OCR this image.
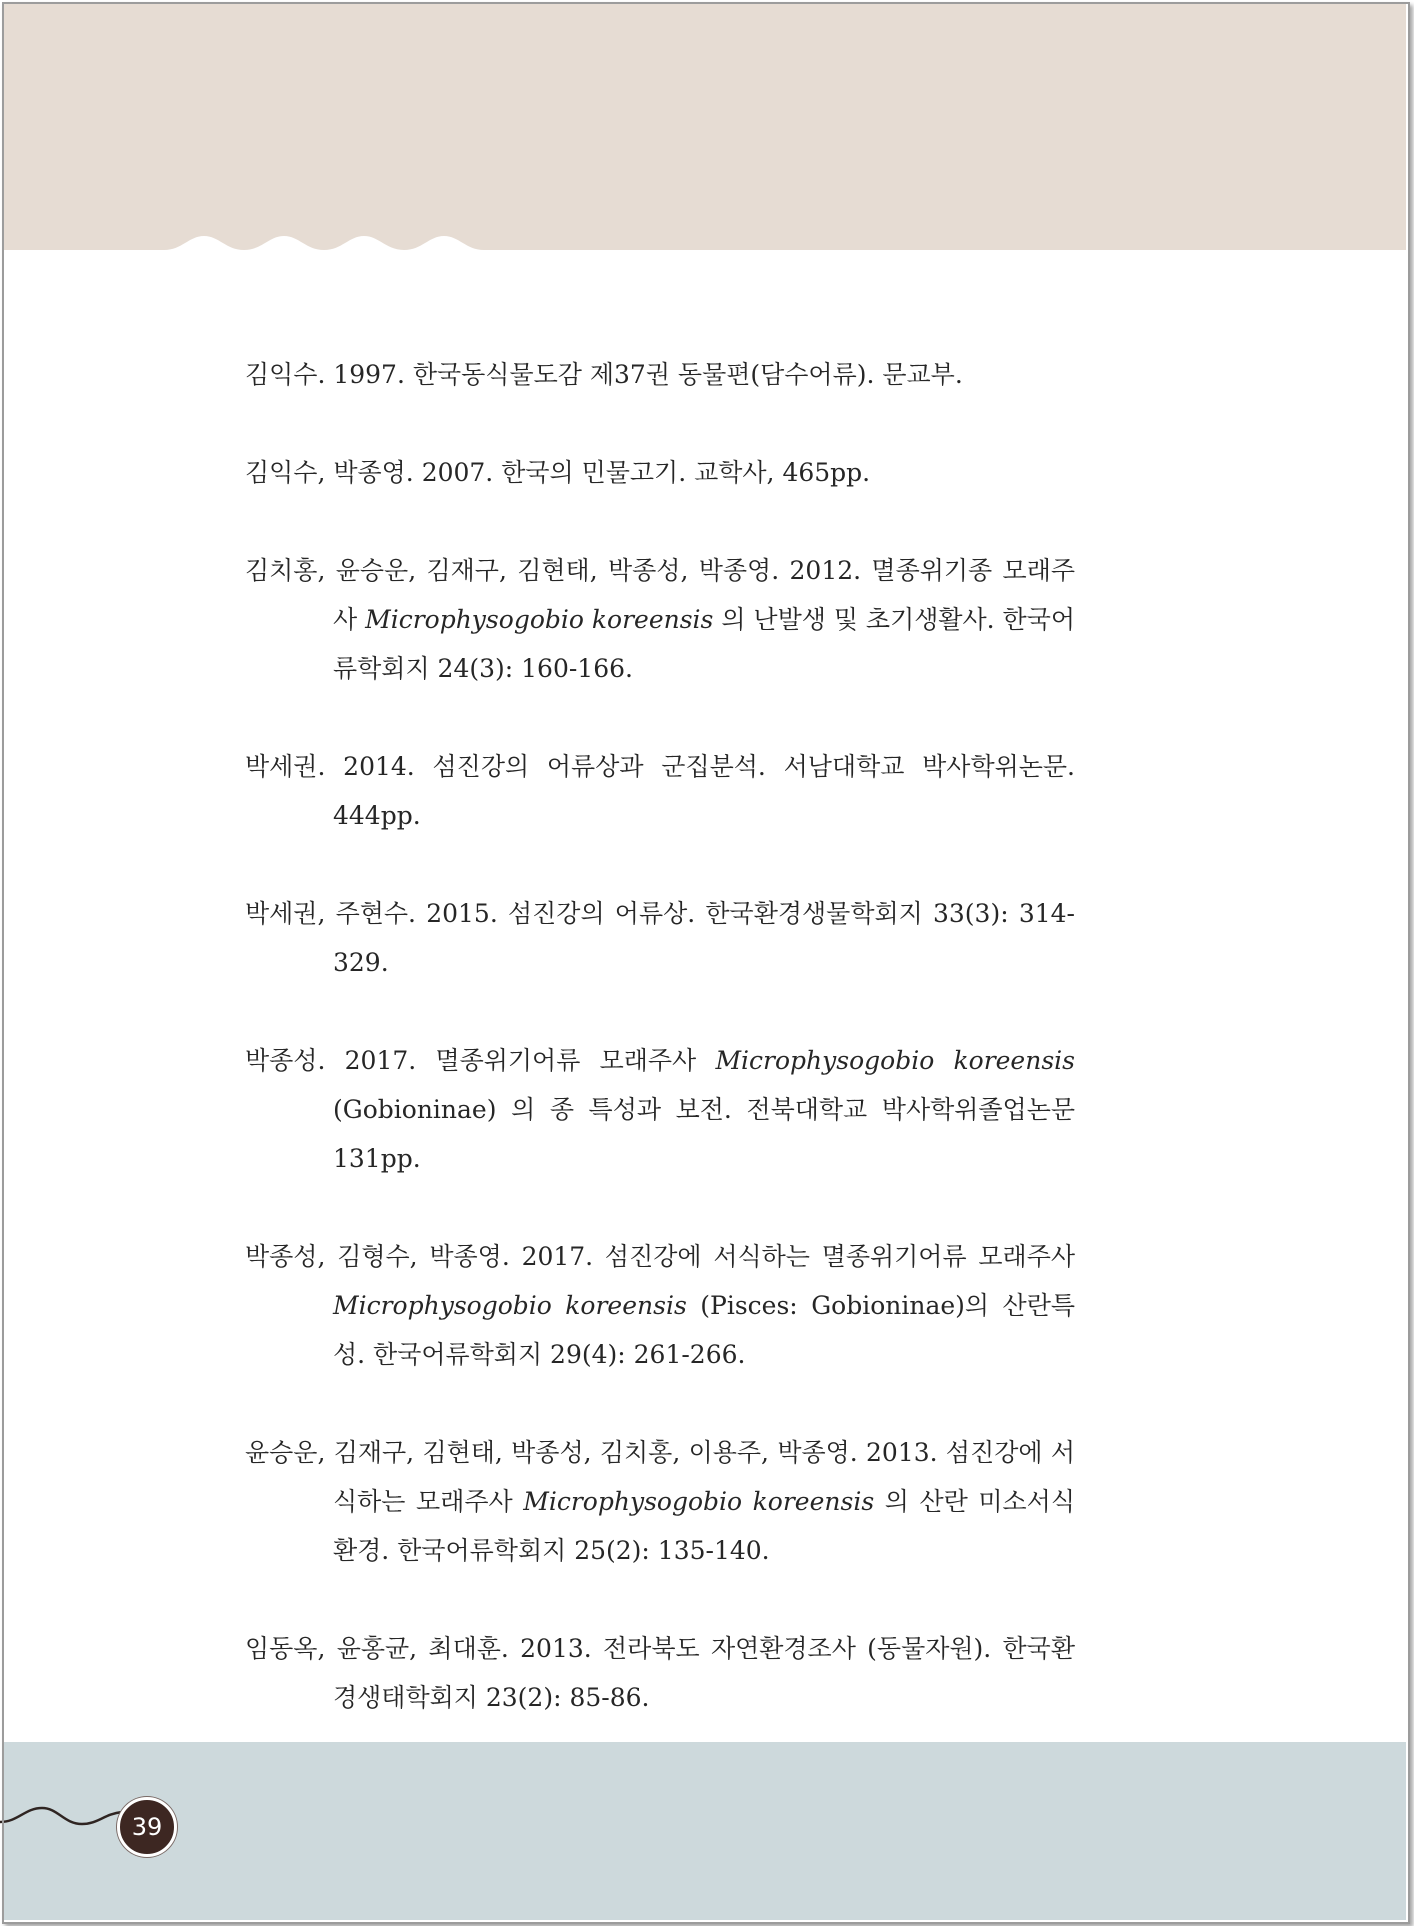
39
김익수. 1997. 한국동식물도감 제37권 동물편(담수어류). 문교부.
김익수, 박종영. 2007. 한국의 민물고기. 교학사, 465pp.
김치홍, 윤승운, 김재구, 김현태, 박종성, 박종영. 2012. 멸종위기종 모래주사 Microphysogobio koreensis 의 난발생 및 초기생활사. 한국어류학회지 24(3): 160-166.
박세권. 2014. 섬진강의 어류상과 군집분석. 서남대학교 박사학위논문. 444pp.
박세권, 주현수. 2015. 섬진강의 어류상. 한국환경생물학회지 33(3): 314-329.
박종성. 2017. 멸종위기어류 모래주사 Microphysogobio koreensis (Gobioninae) 의 종 특성과 보전. 전북대학교 박사학위졸업논문 131pp.
박종성, 김형수, 박종영. 2017. 섬진강에 서식하는 멸종위기어류 모래주사 Microphysogobio koreensis (Pisces: Gobioninae)의 산란특성. 한국어류학회지 29(4): 261-266.
윤승운, 김재구, 김현태, 박종성, 김치홍, 이용주, 박종영. 2013. 섬진강에 서식하는 모래주사 Microphysogobio koreensis 의 산란 미소서식환경. 한국어류학회지 25(2): 135-140.
임동옥, 윤홍균, 최대훈. 2013. 전라북도 자연환경조사 (동물자원). 한국환경생태학회지 23(2): 85-86.
